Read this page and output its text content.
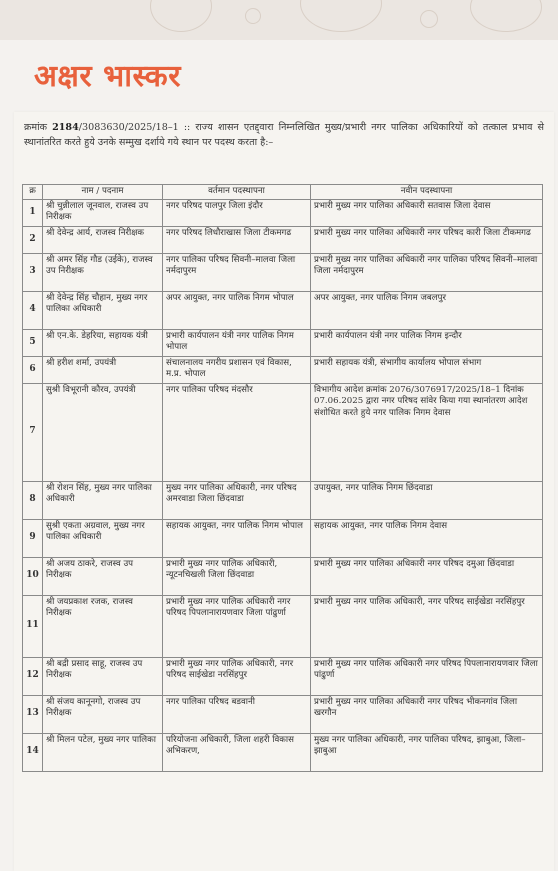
अक्षर भास्कर
क्रमांक 2184/3083630/2025/18–1 :: राज्य शासन एतद्द्वारा निम्नलिखित मुख्य/प्रभारी नगर पालिका अधिकारियों को तत्काल प्रभाव से स्थानांतरित करते हुये उनके सम्मुख दर्शाये गये स्थान पर पदस्थ करता है:–
क्र	नाम / पदनाम	वर्तमान पदस्थापना	नवीन पदस्थापना
1	श्री चुन्नीलाल जूनवाल, राजस्व उप निरीक्षक	नगर परिषद पालपुर जिला इंदौर	प्रभारी मुख्य नगर पालिका अधिकारी सतवास जिला देवास
2	श्री देवेन्द्र आर्य, राजस्व निरीक्षक	नगर परिषद लिधौराखास जिला टीकमगढ	प्रभारी मुख्य नगर पालिका अधिकारी नगर परिषद कारी जिला टीकमगढ
3	श्री अमर सिंह गौड (उईके), राजस्व उप निरीक्षक	नगर पालिका परिषद सिवनी–मालवा जिला नर्मदापुरम	प्रभारी मुख्य नगर पालिका अधिकारी नगर पालिका परिषद सिवनी–मालवा जिला नर्मदापुरम
4	श्री देवेन्द्र सिंह चौहान, मुख्य नगर पालिका अधिकारी	अपर आयुक्त, नगर पालिक निगम भोपाल	अपर आयुक्त, नगर पालिक निगम जबलपुर
5	श्री एन.के. डेहरिया, सहायक यंत्री	प्रभारी कार्यपालन यंत्री नगर पालिक निगम भोपाल	प्रभारी कार्यपालन यंत्री नगर पालिक निगम इन्दौर
6	श्री हरीश शर्मा, उपयंत्री	संचालनालय नगरीय प्रशासन एवं विकास, म.प्र. भोपाल	प्रभारी सहायक यंत्री, संभागीय कार्यालय भोपाल संभाग
7	सुश्री विभूरानी कौरव, उपयंत्री	नगर पालिका परिषद मंदसौर	विभागीय आदेश क्रमांक 2076/3076917/2025/18–1 दिनांक 07.06.2025 द्वारा नगर परिषद सांवेर किया गया स्थानांतरण आदेश संशोधित करते हुये नगर पालिक निगम देवास
8	श्री रोशन सिंह, मुख्य नगर पालिका अधिकारी	मुख्य नगर पालिका अधिकारी, नगर परिषद अमरवाडा जिला छिंदवाडा	उपायुक्त, नगर पालिक निगम छिंदवाडा
9	सुश्री एकता अग्रवाल, मुख्य नगर पालिका अधिकारी	सहायक आयुक्त, नगर पालिक निगम भोपाल	सहायक आयुक्त, नगर पालिक निगम देवास
10	श्री अजय ठाकरे, राजस्व उप निरीक्षक	प्रभारी मुख्य नगर पालिक अधिकारी, न्यूटनचिखली जिला छिंदवाडा	प्रभारी मुख्य नगर पालिका अधिकारी नगर परिषद दमुआ छिंदवाडा
11	श्री जयप्रकाश रजक, राजस्व निरीक्षक	प्रभारी मुख्य नगर पालिक अधिकारी नगर परिषद पिपलानारायणवार जिला पांढुर्णा	प्रभारी मुख्य नगर पालिक अधिकारी, नगर परिषद साईखेडा नरसिंहपुर
12	श्री बद्री प्रसाद साहू, राजस्व उप निरीक्षक	प्रभारी मुख्य नगर पालिक अधिकारी, नगर परिषद साईखेडा नरसिंहपुर	प्रभारी मुख्य नगर पालिक अधिकारी नगर परिषद पिपलानारायणवार जिला पांढुर्णा
13	श्री संजय कानूनगो, राजस्व उप निरीक्षक	नगर पालिका परिषद बडवानी	प्रभारी मुख्य नगर पालिका अधिकारी नगर परिषद भीकनगांव जिला खरगौन
14	श्री मिलन पटेल, मुख्य नगर पालिका	परियोजना अधिकारी, जिला शहरी विकास अभिकरण,	मुख्य नगर पालिका अधिकारी, नगर पालिका परिषद, झाबुआ, जिला–झाबुआ
